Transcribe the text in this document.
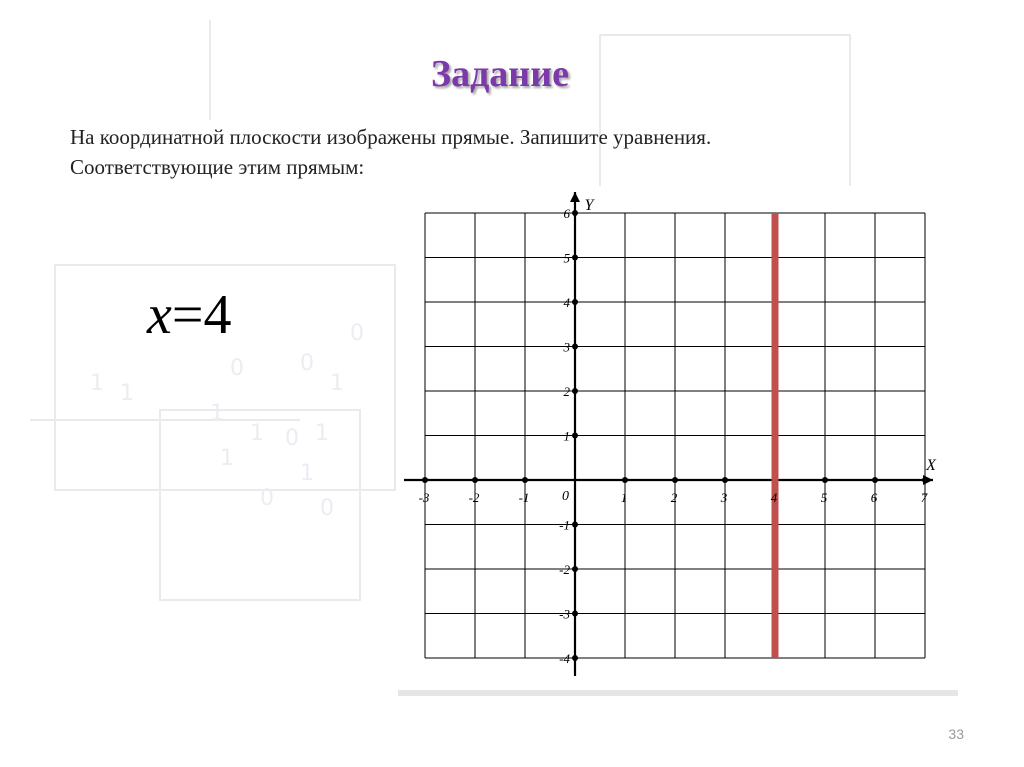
1 1
0	0
1
1 0 1
1
1
0 0
0
1
Задание
На координатной плоскости изображены прямые. Запишите уравнения.
Соответствующие этим прямым:
x=4
-3	-2	-1	1	2	3	4	5	6	7
-4
-3
-2
-1
1
2
3
4
5
6
0
X
Y
33
